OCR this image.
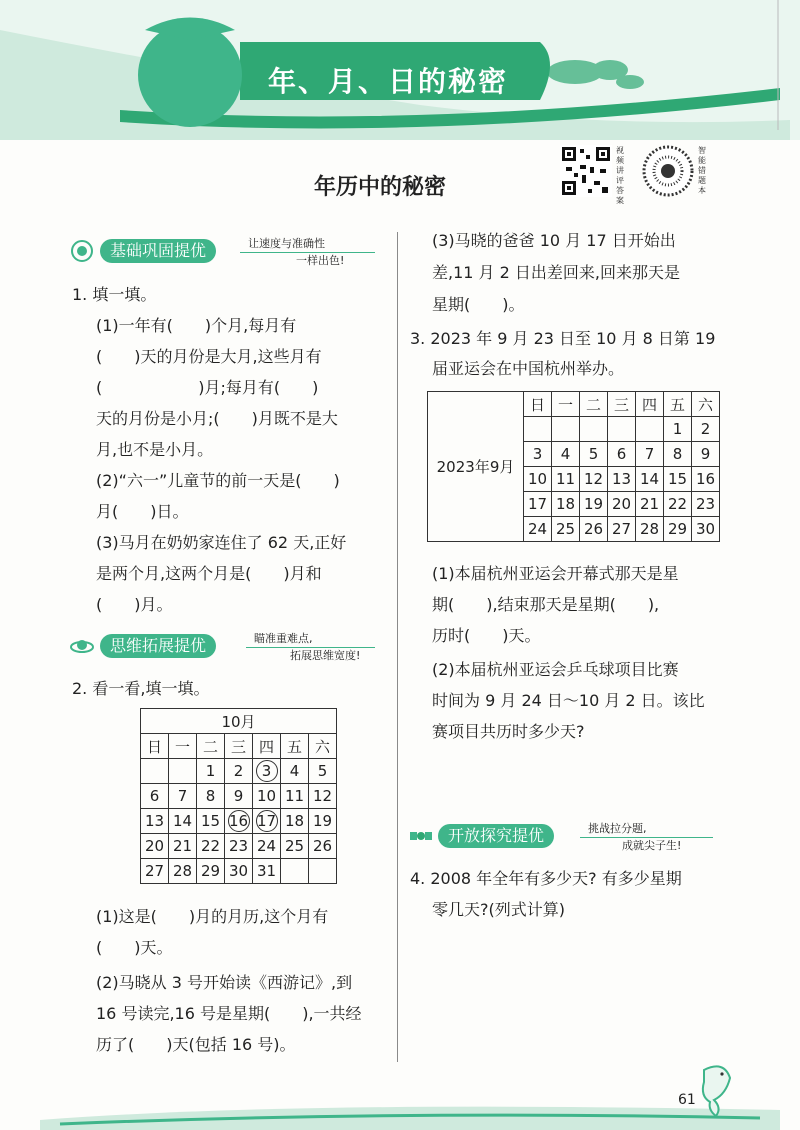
年、月、日的秘密
年历中的秘密
视频讲评答案
智能错题本
基础巩固提优	让速度与准确性
一样出色!
1. 填一填。
(1)一年有(　　)个月,每月有
(　　)天的月份是大月,这些月有
(　　　　　　)月;每月有(　　)
天的月份是小月;(　　)月既不是大
月,也不是小月。
(2)“六一”儿童节的前一天是(　　)
月(　　)日。
(3)马月在奶奶家连住了 62 天,正好
是两个月,这两个月是(　　)月和
(　　)月。
思维拓展提优	瞄准重难点,
拓展思维宽度!
2. 看一看,填一填。
10月						
日	一	二	三	四	五	六
		1	2	3	4	5
6	7	8	9	10	11	12
13	14	15	16	17	18	19
20	21	22	23	24	25	26
27	28	29	30	31		
(1)这是(　　)月的月历,这个月有
(　　)天。
(2)马晓从 3 号开始读《西游记》,到
16 号读完,16 号是星期(　　),一共经
历了(　　)天(包括 16 号)。
(3)马晓的爸爸 10 月 17 日开始出
差,11 月 2 日出差回来,回来那天是
星期(　　)。
3. 2023 年 9 月 23 日至 10 月 8 日第 19
届亚运会在中国杭州举办。
2023年9月	日	一	二	三	四	五	六
						1	2
	3	4	5	6	7	8	9
	10	11	12	13	14	15	16
	17	18	19	20	21	22	23
	24	25	26	27	28	29	30
(1)本届杭州亚运会开幕式那天是星
期(　　),结束那天是星期(　　),
历时(　　)天。
(2)本届杭州亚运会乒乓球项目比赛
时间为 9 月 24 日～10 月 2 日。该比
赛项目共历时多少天?
开放探究提优	挑战拉分题,
成就尖子生!
4. 2008 年全年有多少天? 有多少星期
零几天?(列式计算)
61
